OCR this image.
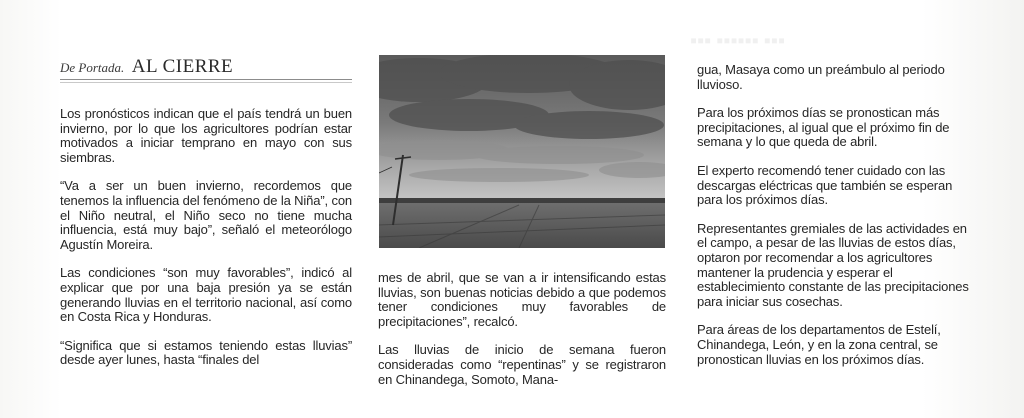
▪▪▪ ▪▪▪▪▪▪ ▪▪▪
De Portada. AL CIERRE

Los pronósticos indican que el país tendrá un buen invierno, por lo que los agricultores podrían estar motivados a iniciar temprano en mayo con sus siembras.

“Va a ser un buen invierno, recordemos que tenemos la influencia del fenómeno de la Niña”, con el Niño neutral, el Niño seco no tiene mucha influencia, está muy bajo”, señaló el meteorólogo Agustín Moreira.

Las condiciones “son muy favorables”, indicó al explicar que por una baja presión ya se están generando lluvias en el territorio nacional, así como en Costa Rica y Honduras.

“Significa que si estamos teniendo estas lluvias” desde ayer lunes, hasta “finales del

mes de abril, que se van a ir intensificando estas lluvias, son buenas noticias debido a que podemos tener condiciones muy favorables de precipitaciones”, recalcó.

Las lluvias de inicio de semana fueron consideradas como “repentinas” y se registraron en Chinandega, Somoto, Mana-

gua, Masaya como un preámbulo al periodo lluvioso.

Para los próximos días se pronostican más precipitaciones, al igual que el próximo fin de semana y lo que queda de abril.

El experto recomendó tener cuidado con las descargas eléctricas que también se esperan para los próximos días.

Representantes gremiales de las actividades en el campo, a pesar de las lluvias de estos días, optaron por recomendar a los agricultores mantener la prudencia y esperar el establecimiento constante de las precipitaciones para iniciar sus cosechas.

Para áreas de los departamentos de Estelí, Chinandega, León, y en la zona central, se pronostican lluvias en los próximos días.
